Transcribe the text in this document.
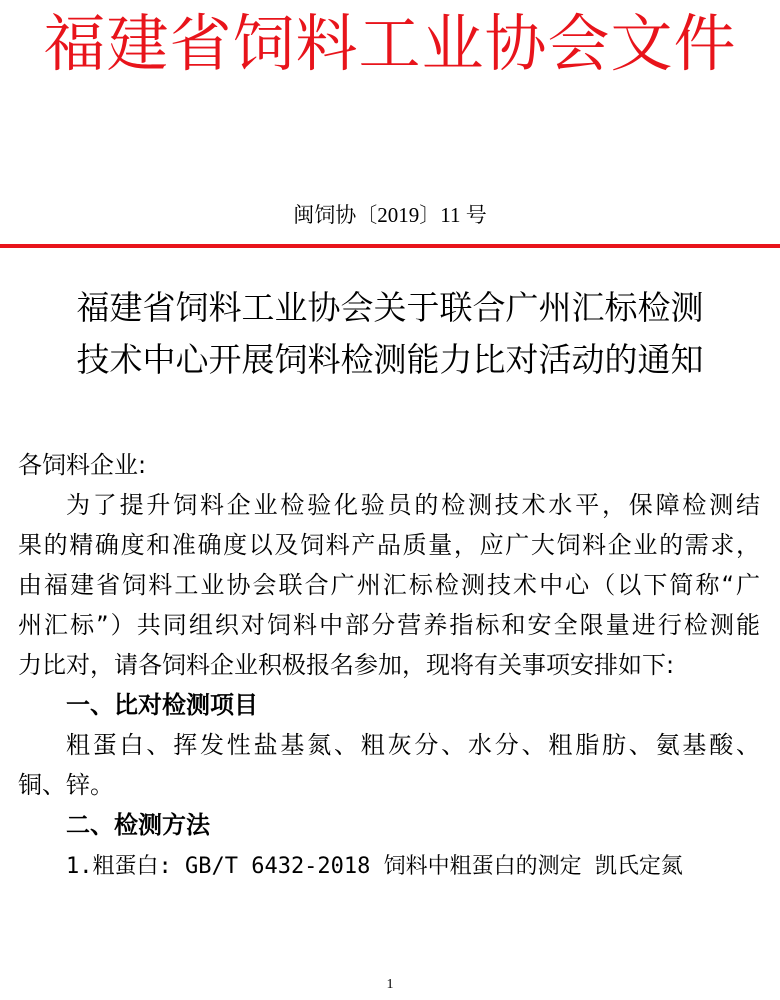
福建省饲料工业协会文件
闽饲协〔2019〕11 号
福建省饲料工业协会关于联合广州汇标检测
技术中心开展饲料检测能力比对活动的通知
各饲料企业:
为了提升饲料企业检验化验员的检测技术水平，保障检测结
果的精确度和准确度以及饲料产品质量，应广大饲料企业的需求，
由福建省饲料工业协会联合广州汇标检测技术中心（以下简称“广
州汇标”）共同组织对饲料中部分营养指标和安全限量进行检测能
力比对，请各饲料企业积极报名参加，现将有关事项安排如下:
一、比对检测项目
粗蛋白、挥发性盐基氮、粗灰分、水分、粗脂肪、氨基酸、
铜、锌。
二、检测方法
1.粗蛋白: GB/T 6432-2018 饲料中粗蛋白的测定 凯氏定氮
1
